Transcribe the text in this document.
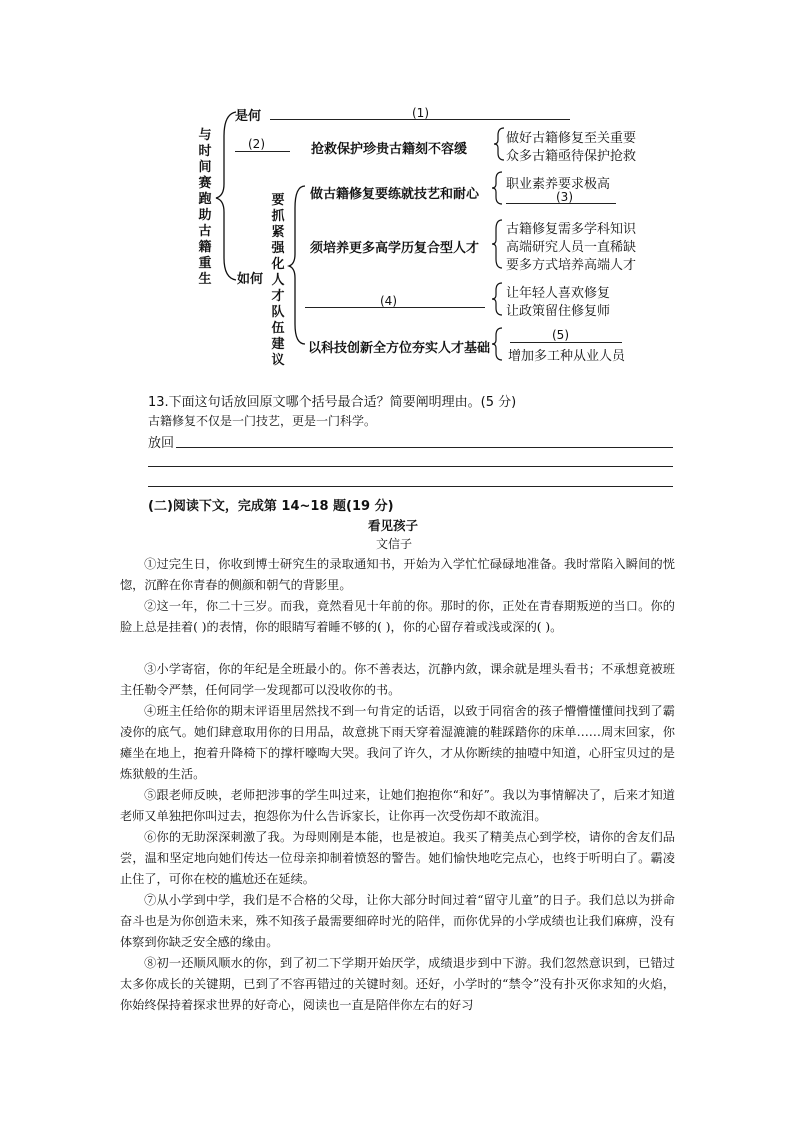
与时间赛跑助古籍重生
是何	(1)
(2)	抢救保护珍贵古籍刻不容缓
做好古籍修复至关重要
众多古籍亟待保护抢救
如何
要抓紧强化人才队伍建议
做古籍修复要练就技艺和耐心
职业素养要求极高
(3)
须培养更多高学历复合型人才
古籍修复需多学科知识
高端研究人员一直稀缺
要多方式培养高端人才
(4)	让年轻人喜欢修复
让政策留住修复师
以科技创新全方位夯实人才基础
(5)
增加多工种从业人员
13.下面这句话放回原文哪个括号最合适？简要阐明理由。(5 分)
古籍修复不仅是一门技艺，更是一门科学。
放回
(二)阅读下文，完成第 14~18 题(19 分)
看见孩子
文信子
①过完生日，你收到博士研究生的录取通知书，开始为入学忙忙碌碌地准备。我时常陷入瞬间的恍惚，沉醉在你青春的侧颜和朝气的背影里。
②这一年，你二十三岁。而我，竟然看见十年前的你。那时的你，正处在青春期叛逆的当口。你的脸上总是挂着( )的表情，你的眼睛写着睡不够的( )，你的心留存着或浅或深的( )。
③小学寄宿，你的年纪是全班最小的。你不善表达，沉静内敛，课余就是埋头看书；不承想竟被班主任勒令严禁，任何同学一发现都可以没收你的书。
④班主任给你的期末评语里居然找不到一句肯定的话语，以致于同宿舍的孩子懵懵懂懂间找到了霸凌你的底气。她们肆意取用你的日用品，故意挑下雨天穿着湿漉漉的鞋踩踏你的床单……周末回家，你瘫坐在地上，抱着升降椅下的撑杆嚎啕大哭。我问了许久，才从你断续的抽噎中知道，心肝宝贝过的是炼狱般的生活。
⑤跟老师反映，老师把涉事的学生叫过来，让她们抱抱你“和好”。我以为事情解决了，后来才知道老师又单独把你叫过去，抱怨你为什么告诉家长，让你再一次受伤却不敢流泪。
⑥你的无助深深刺激了我。为母则刚是本能，也是被迫。我买了精美点心到学校，请你的舍友们品尝，温和坚定地向她们传达一位母亲抑制着愤怒的警告。她们愉快地吃完点心，也终于听明白了。霸凌止住了，可你在校的尴尬还在延续。
⑦从小学到中学，我们是不合格的父母，让你大部分时间过着“留守儿童”的日子。我们总以为拼命奋斗也是为你创造未来，殊不知孩子最需要细碎时光的陪伴，而你优异的小学成绩也让我们麻痹，没有体察到你缺乏安全感的缘由。
⑧初一还顺风顺水的你，到了初二下学期开始厌学，成绩退步到中下游。我们忽然意识到，已错过太多你成长的关键期，已到了不容再错过的关键时刻。还好，小学时的“禁令”没有扑灭你求知的火焰，你始终保持着探求世界的好奇心，阅读也一直是陪伴你左右的好习
